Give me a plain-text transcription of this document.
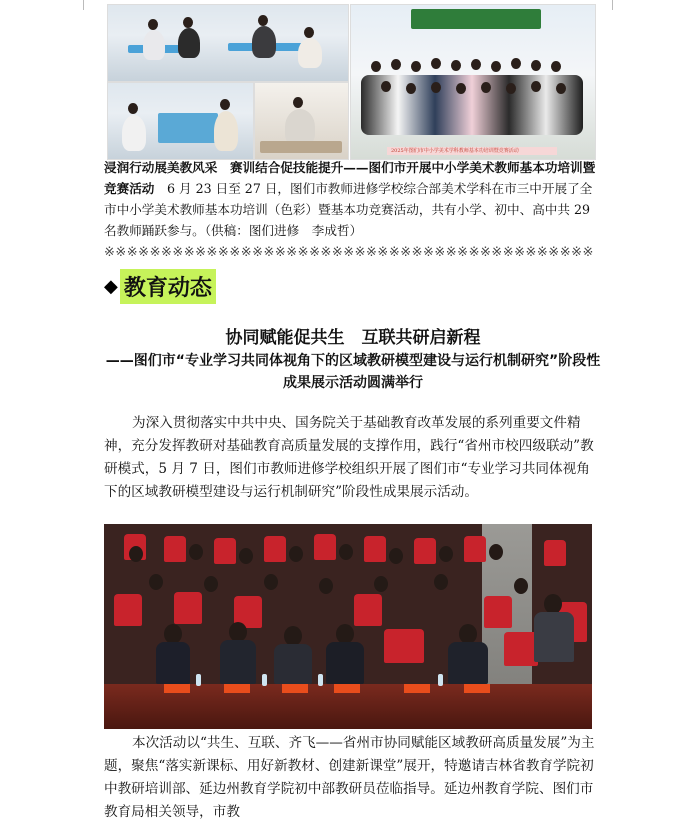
2025年图们市中小学美术学科教师基本功培训暨竞赛活动
浸润行动展美教风采　赛训结合促技能提升——图们市开展中小学美术教师基本功培训暨竞赛活动　6 月 23 日至 27 日，图们市教师进修学校综合部美术学科在市三中开展了全市中小学美术教师基本功培训（色彩）暨基本功竞赛活动，共有小学、初中、高中共 29 名教师踊跃参与。（供稿：图们进修　李成哲）
※※※※※※※※※※※※※※※※※※※※※※※※※※※※※※※※※※※※※※※※※※※
◆ 教育动态
协同赋能促共生　互联共研启新程
——图们市“专业学习共同体视角下的区域教研模型建设与运行机制研究”阶段性成果展示活动圆满举行
为深入贯彻落实中共中央、国务院关于基础教育改革发展的系列重要文件精神，充分发挥教研对基础教育高质量发展的支撑作用，践行“省州市校四级联动”教研模式，5 月 7 日，图们市教师进修学校组织开展了图们市“专业学习共同体视角下的区域教研模型建设与运行机制研究”阶段性成果展示活动。
本次活动以“共生、互联、齐飞——省州市协同赋能区域教研高质量发展”为主题，聚焦“落实新课标、用好新教材、创建新课堂”展开，特邀请吉林省教育学院初中教研培训部、延边州教育学院初中部教研员莅临指导。延边州教育学院、图们市教育局相关领导，市教
